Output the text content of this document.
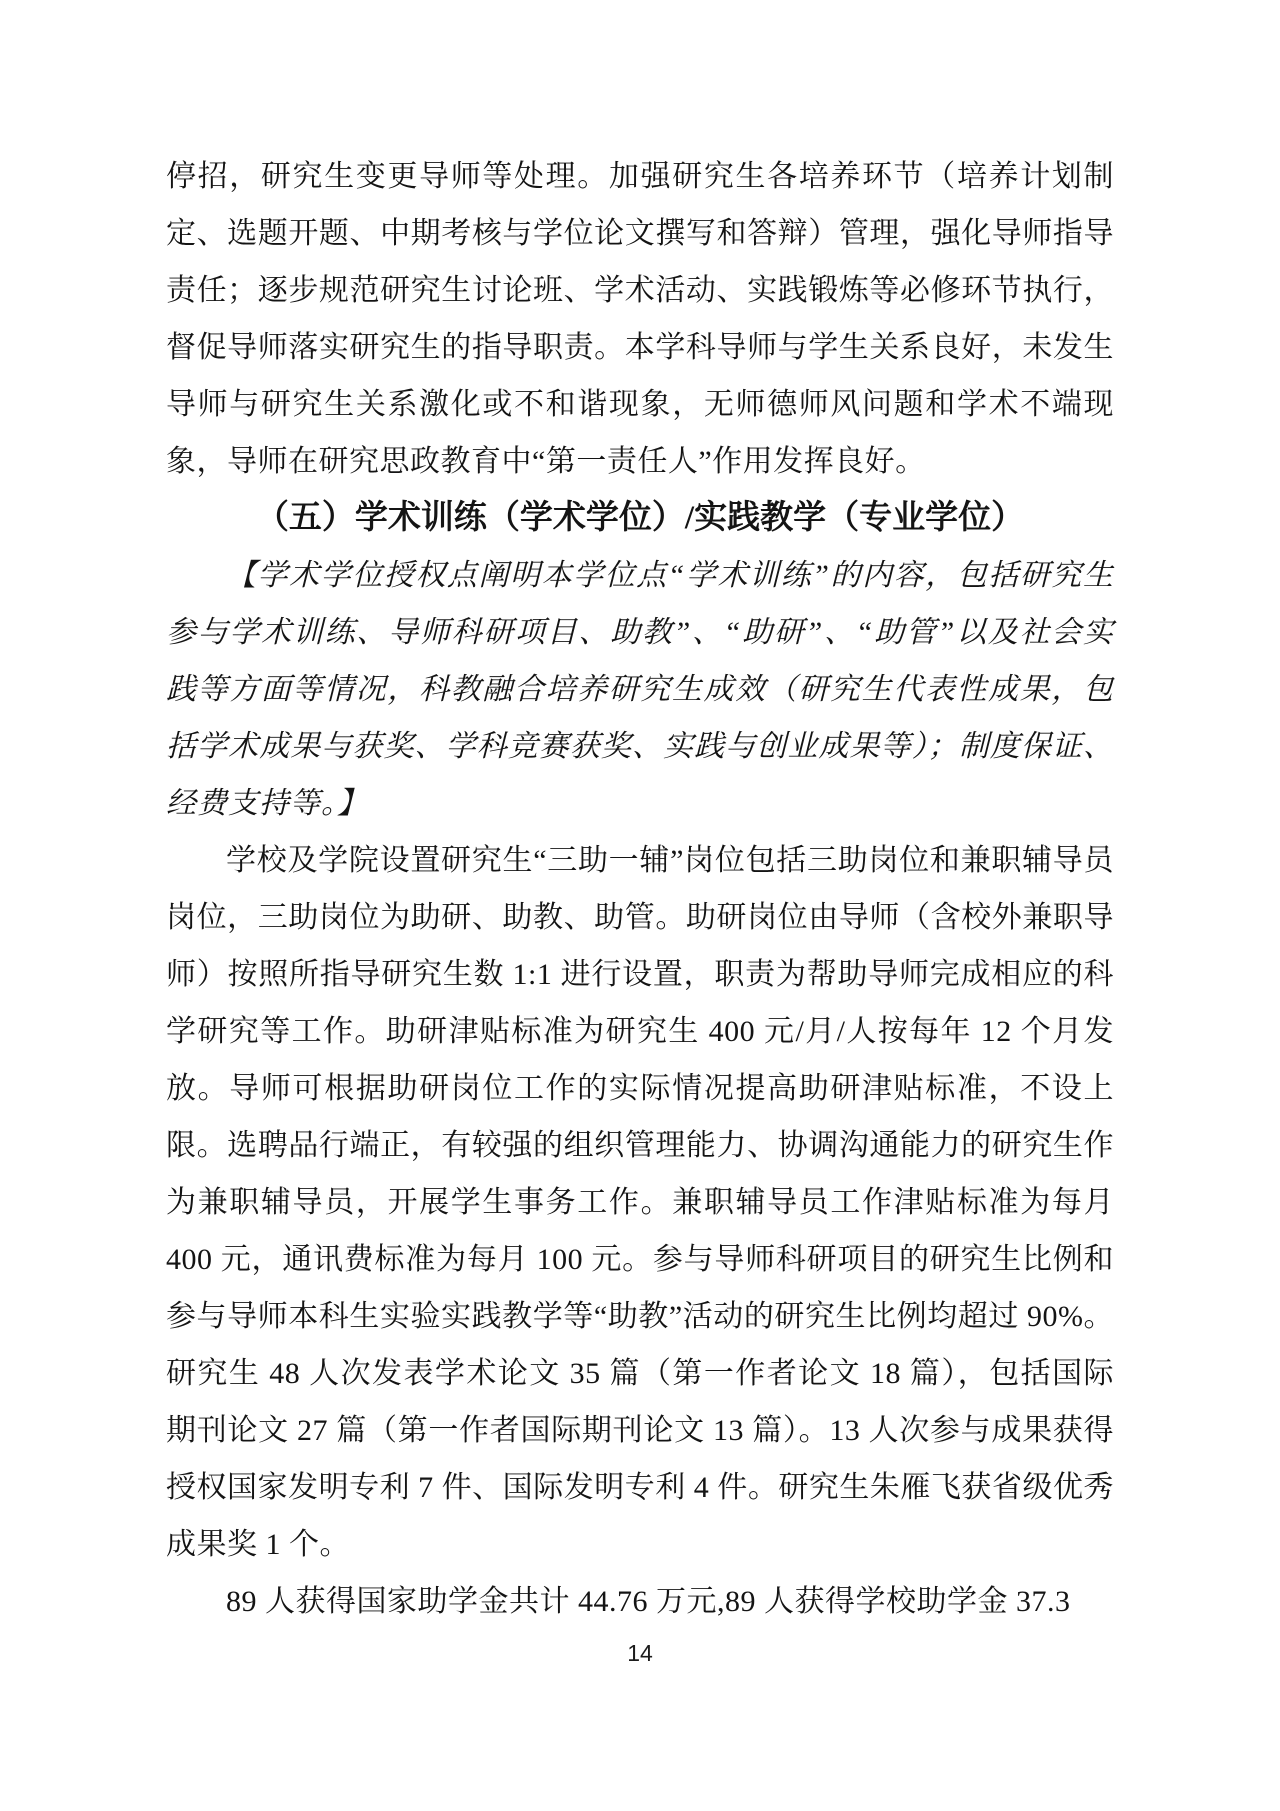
停招，研究生变更导师等处理。加强研究生各培养环节（培养计划制定、选题开题、中期考核与学位论文撰写和答辩）管理，强化导师指导责任；逐步规范研究生讨论班、学术活动、实践锻炼等必修环节执行，督促导师落实研究生的指导职责。本学科导师与学生关系良好，未发生导师与研究生关系激化或不和谐现象，无师德师风问题和学术不端现象，导师在研究思政教育中“第一责任人”作用发挥良好。

（五）学术训练（学术学位）/实践教学（专业学位）

【学术学位授权点阐明本学位点“学术训练”的内容，包括研究生参与学术训练、导师科研项目、助教”、“助研”、“助管”以及社会实践等方面等情况，科教融合培养研究生成效（研究生代表性成果，包括学术成果与获奖、学科竞赛获奖、实践与创业成果等）；制度保证、经费支持等。】

学校及学院设置研究生“三助一辅”岗位包括三助岗位和兼职辅导员岗位，三助岗位为助研、助教、助管。助研岗位由导师（含校外兼职导师）按照所指导研究生数 1:1 进行设置，职责为帮助导师完成相应的科学研究等工作。助研津贴标准为研究生 400 元/月/人按每年 12 个月发放。导师可根据助研岗位工作的实际情况提高助研津贴标准，不设上限。选聘品行端正，有较强的组织管理能力、协调沟通能力的研究生作为兼职辅导员，开展学生事务工作。兼职辅导员工作津贴标准为每月 400 元，通讯费标准为每月 100 元。参与导师科研项目的研究生比例和参与导师本科生实验实践教学等“助教”活动的研究生比例均超过 90%。研究生 48 人次发表学术论文 35 篇（第一作者论文 18 篇），包括国际期刊论文 27 篇（第一作者国际期刊论文 13 篇）。13 人次参与成果获得授权国家发明专利 7 件、国际发明专利 4 件。研究生朱雁飞获省级优秀成果奖 1 个。

89 人获得国家助学金共计 44.76 万元,89 人获得学校助学金 37.3

14
